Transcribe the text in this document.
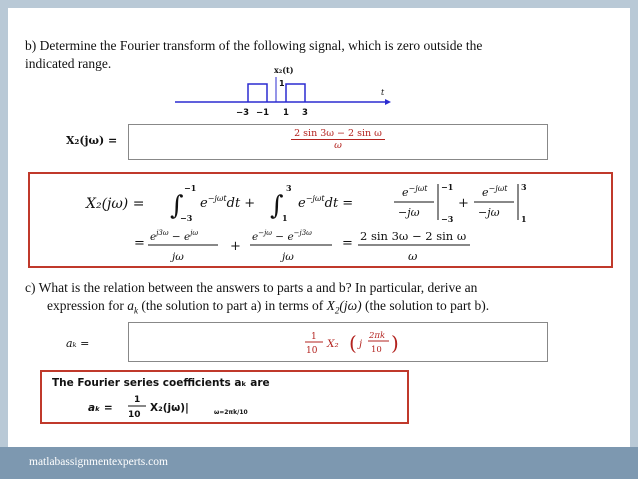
b) Determine the Fourier transform of the following signal, which is zero outside the
indicated range.	x₂(t)
1
t
−3 −1 1 3
X₂(jω) =	$\frac{\text{2 sin 3ω − 2 sin ω}}{\omega}$
X₂(jω) = ∫
−1
−3
$e^{-j\omega t}dt$ + ∫
3
1
$e^{-j\omega t}dt$ =
$e^{-j\omega t}$
−jω
−1
−3
+
$e^{-j\omega t}$
−jω
3
1
= $e^{j3\omega} - e^{j\omega}$
jω
+
$e^{-j\omega} - e^{-j3\omega}$
jω
= 2 sin 3ω − 2 sin ω
ω
c) What is the relation between the answers to parts a and b? In particular, derive an
expression for $a_k$ (the solution to part a) in terms of $X_2(j\omega)$ (the solution to part b).
aₖ =	1
10
X₂ ( j
2πk
10 )
The Fourier series coefficients aₖ are
aₖ =
1
10
X₂(jω)|	ω=2πk/10
matlabassignmentexperts.com
